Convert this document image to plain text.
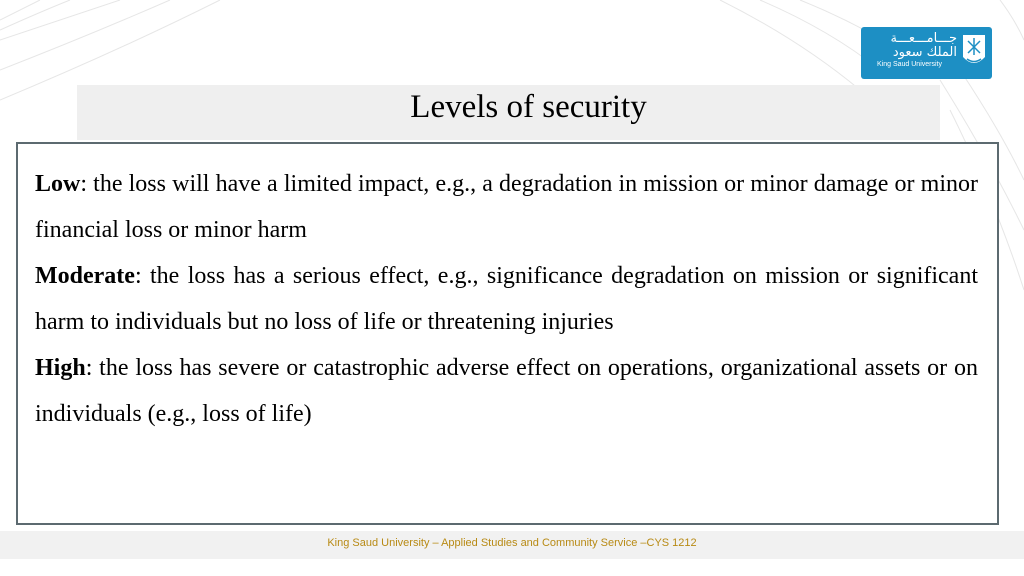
جـــامـــعـــة
الملك سعود
King Saud University
Levels of security

Low: the loss will have a limited impact, e.g., a degradation in mission or minor damage or minor financial loss or minor harm

Moderate: the loss has a serious effect, e.g., significance degradation on mission or significant harm to individuals but no loss of life or threatening injuries

High: the loss has severe or catastrophic adverse effect on operations, organizational assets or on individuals (e.g., loss of life)

King Saud University – Applied Studies and Community Service –CYS 1212
